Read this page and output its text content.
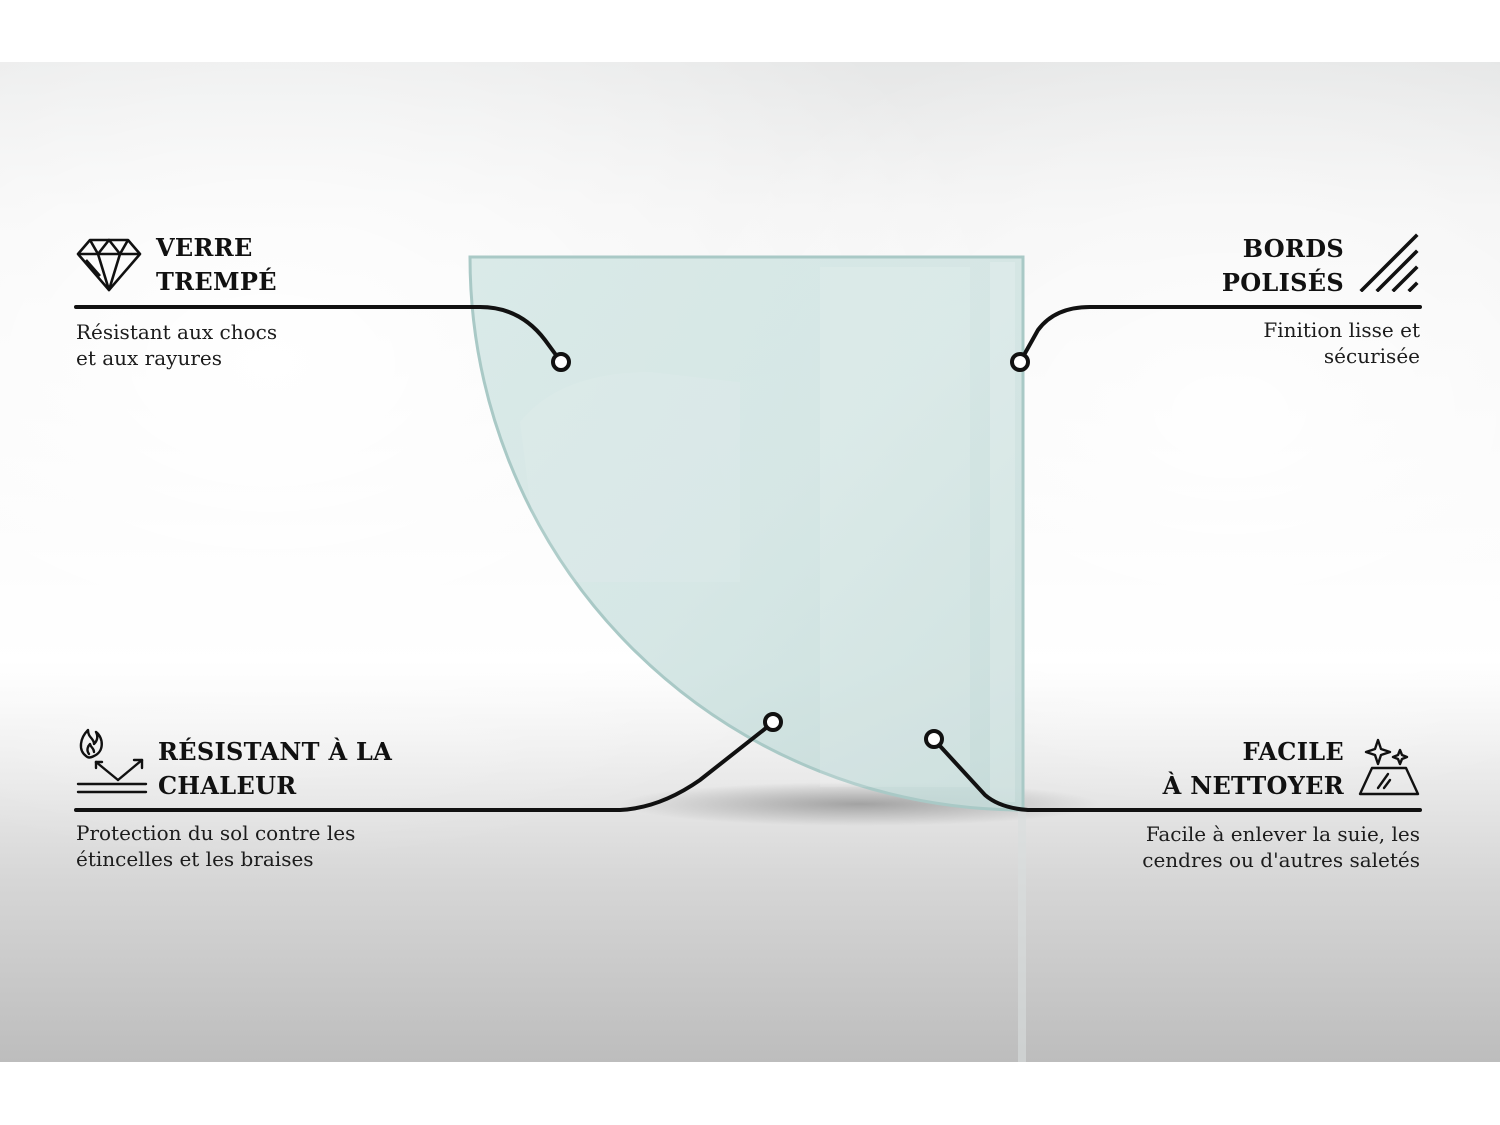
VERRE
TREMPÉ
Résistant aux chocs
et aux rayures
BORDS
POLISÉS
Finition lisse et
sécurisée
RÉSISTANT À LA
CHALEUR
Protection du sol contre les
étincelles et les braises
FACILE
À NETTOYER
Facile à enlever la suie, les
cendres ou d'autres saletés
